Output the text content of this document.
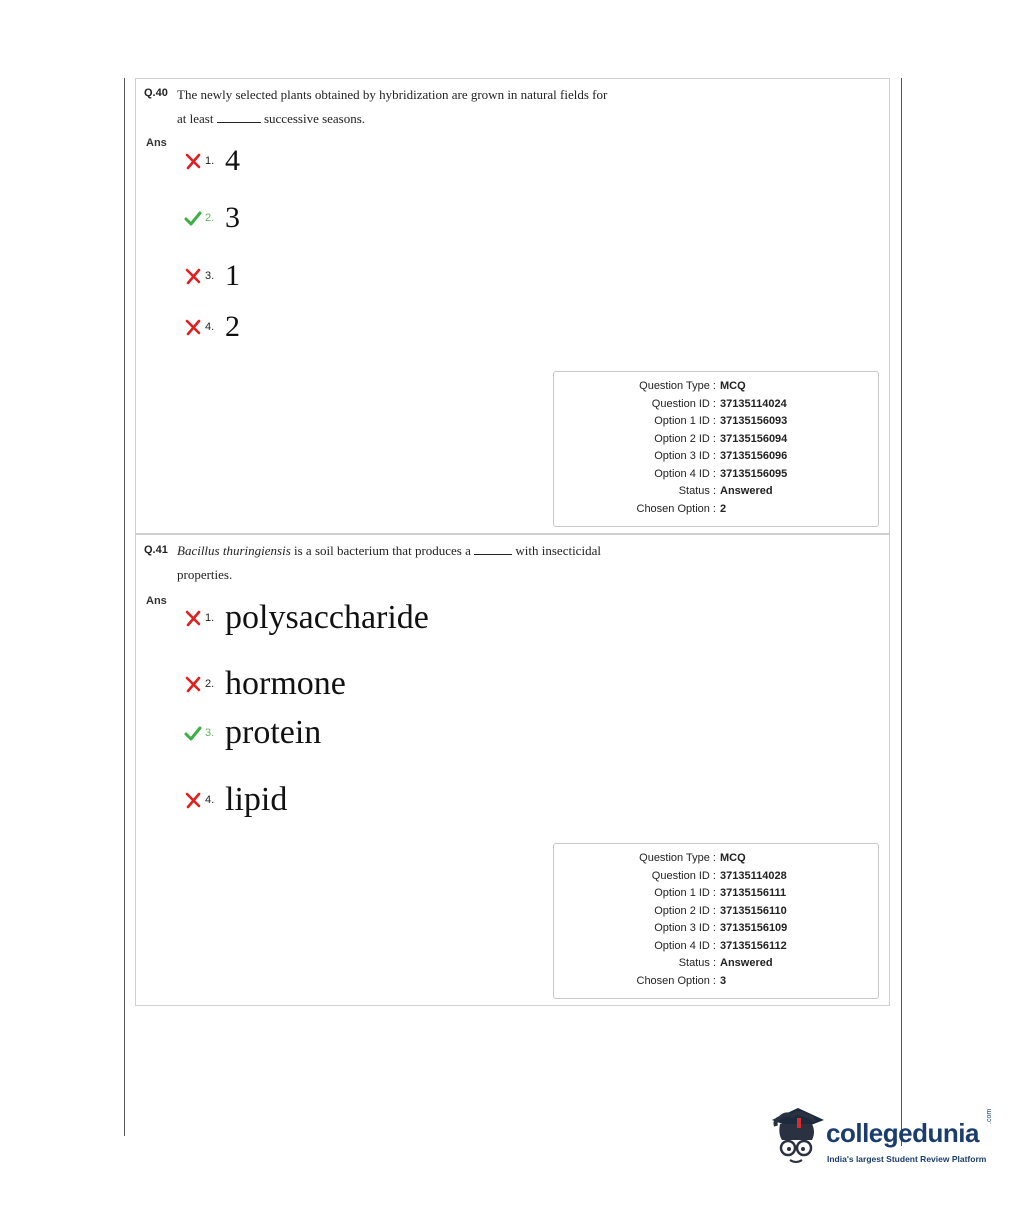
Q.40 The newly selected plants obtained by hybridization are grown in natural fields for
at least	successive seasons.
Ans
1. 4
2. 3
3. 1
4. 2
Question Type : MCQ
Question ID : 37135114024
Option 1 ID : 37135156093
Option 2 ID : 37135156094
Option 3 ID : 37135156096
Option 4 ID : 37135156095
Status : Answered
Chosen Option : 2
Q.41 Bacillus thuringiensis is a soil bacterium that produces a	with insecticidal
properties.
Ans
1. polysaccharide
2. hormone
3. protein
4. lipid
Question Type : MCQ
Question ID : 37135114028
Option 1 ID : 37135156111
Option 2 ID : 37135156110
Option 3 ID : 37135156109
Option 4 ID : 37135156112
Status : Answered
Chosen Option : 3
collegedunia
.com
India's largest Student Review Platform
